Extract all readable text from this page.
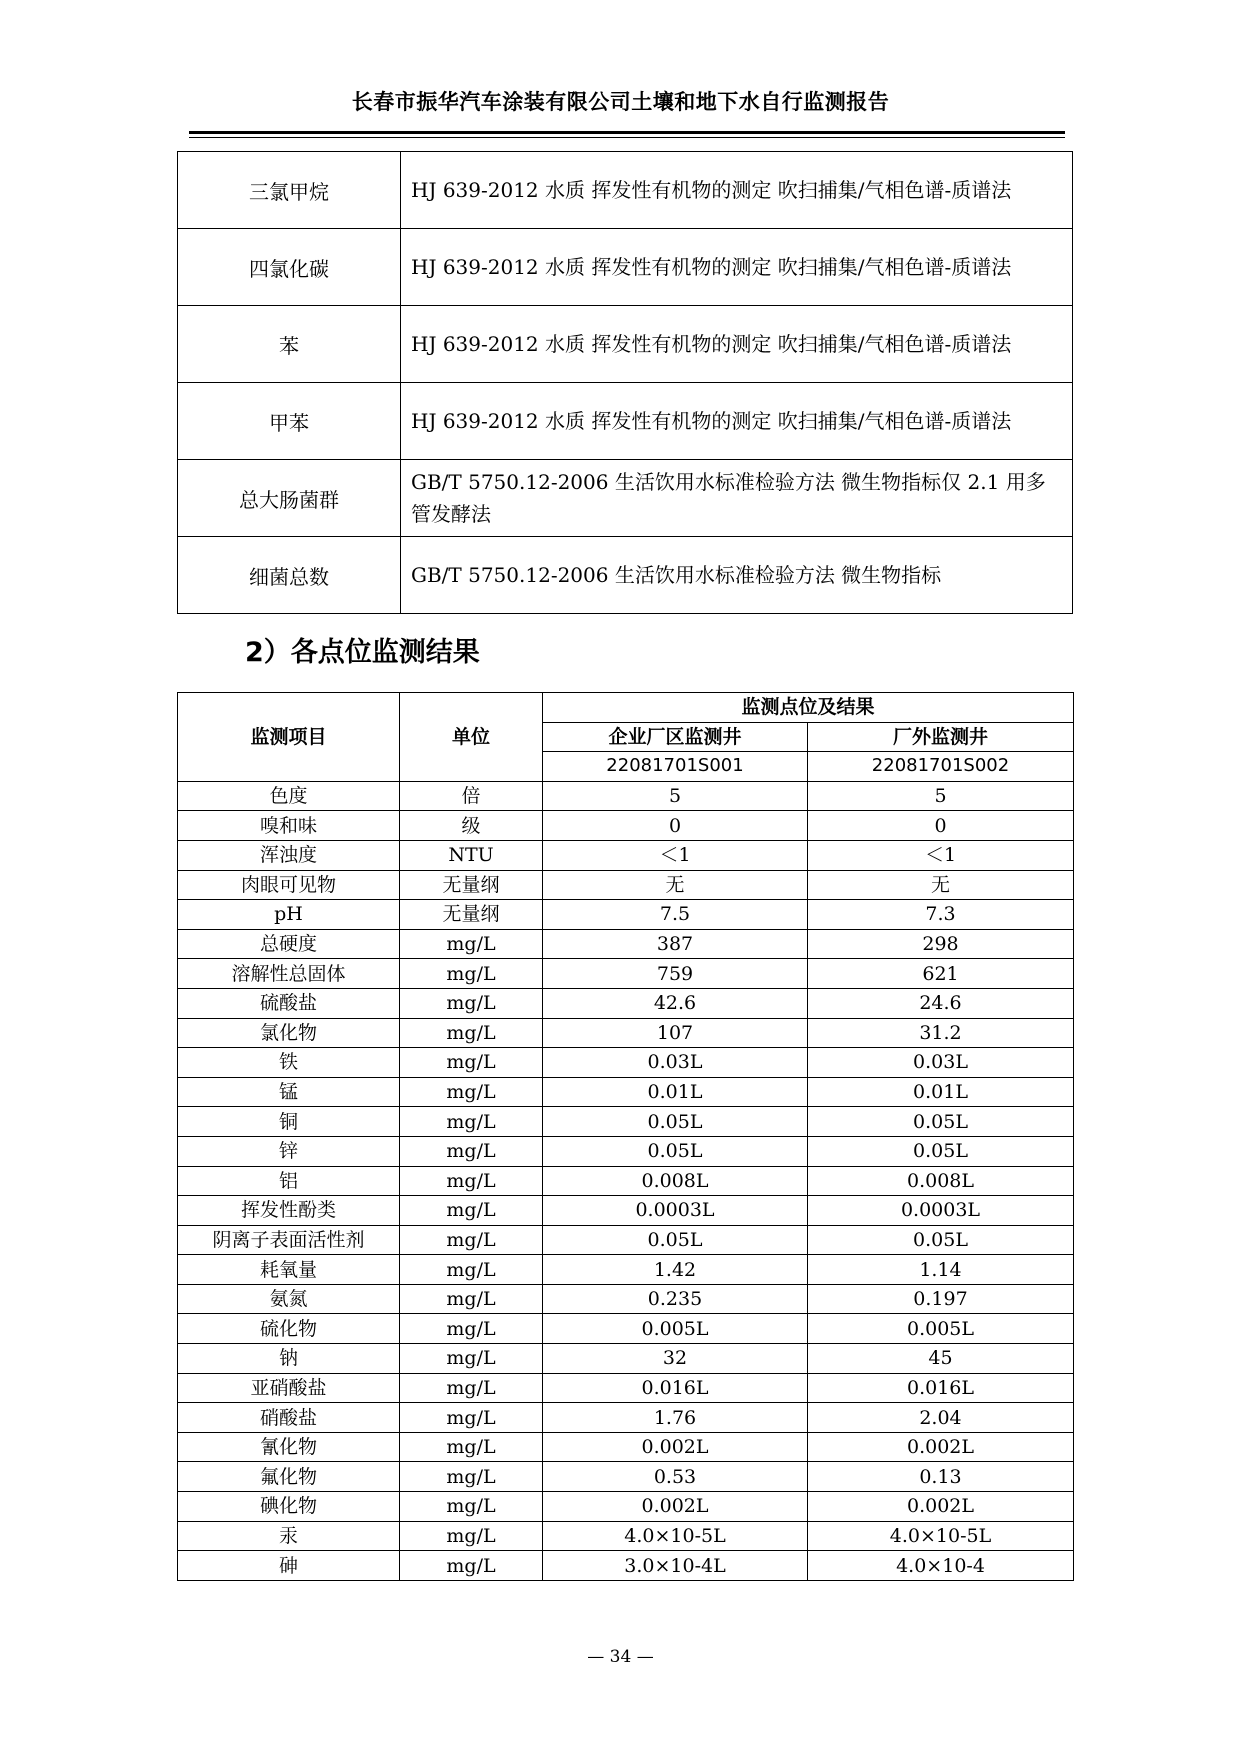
长春市振华汽车涂装有限公司土壤和地下水自行监测报告
三氯甲烷	HJ 639-2012 水质 挥发性有机物的测定 吹扫捕集/气相色谱-质谱法
四氯化碳	HJ 639-2012 水质 挥发性有机物的测定 吹扫捕集/气相色谱-质谱法
苯	HJ 639-2012 水质 挥发性有机物的测定 吹扫捕集/气相色谱-质谱法
甲苯	HJ 639-2012 水质 挥发性有机物的测定 吹扫捕集/气相色谱-质谱法
总大肠菌群	GB/T 5750.12-2006 生活饮用水标准检验方法 微生物指标仅 2.1 用多管发酵法
细菌总数	GB/T 5750.12-2006 生活饮用水标准检验方法 微生物指标
2）各点位监测结果
监测项目	单位	监测点位及结果	
		企业厂区监测井	厂外监测井
		22081701S001	22081701S002
色度	倍	5	5
嗅和味	级	0	0
浑浊度	NTU	＜1	＜1
肉眼可见物	无量纲	无	无
pH	无量纲	7.5	7.3
总硬度	mg/L	387	298
溶解性总固体	mg/L	759	621
硫酸盐	mg/L	42.6	24.6
氯化物	mg/L	107	31.2
铁	mg/L	0.03L	0.03L
锰	mg/L	0.01L	0.01L
铜	mg/L	0.05L	0.05L
锌	mg/L	0.05L	0.05L
铝	mg/L	0.008L	0.008L
挥发性酚类	mg/L	0.0003L	0.0003L
阴离子表面活性剂	mg/L	0.05L	0.05L
耗氧量	mg/L	1.42	1.14
氨氮	mg/L	0.235	0.197
硫化物	mg/L	0.005L	0.005L
钠	mg/L	32	45
亚硝酸盐	mg/L	0.016L	0.016L
硝酸盐	mg/L	1.76	2.04
氰化物	mg/L	0.002L	0.002L
氟化物	mg/L	0.53	0.13
碘化物	mg/L	0.002L	0.002L
汞	mg/L	4.0×10-5L	4.0×10-5L
砷	mg/L	3.0×10-4L	4.0×10-4
— 34 —
